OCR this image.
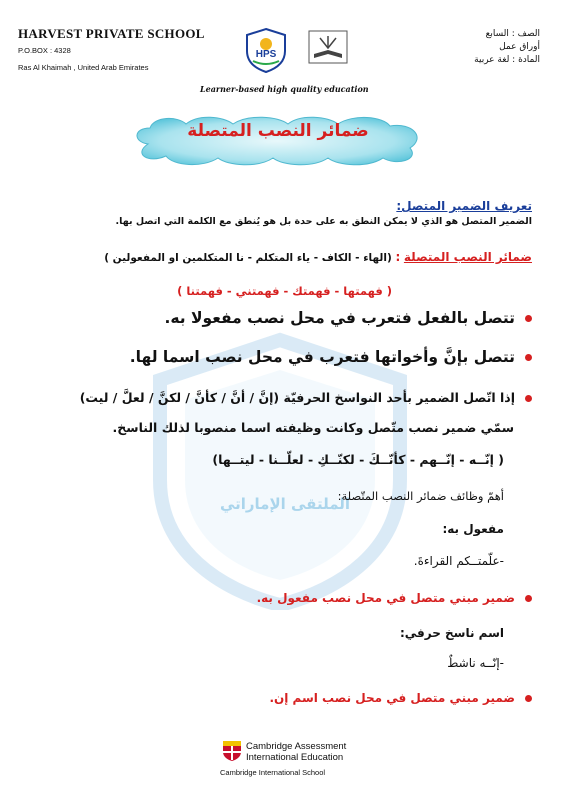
HARVEST PRIVATE SCHOOL
P.O.BOX : 4328
Ras Al Khaimah , United Arab Emirates
HPS
الصف : السابع
أوراق عمل
المادة : لغة عربية
Learner-based high quality education
ضمائر النصب المتصلة
الملتقى الإماراتي
تعريف الضمير المتصل:
الضمير المتصل هو الذي لا يمكن النطق به على حدة بل هو يُنطق مع الكلمة التي اتصل بها.
ضمائر النصب المتصلة : (الهاء - الكاف - ياء المتكلم - نا المتكلمين او المفعولين )
( فهمتها - فهمتك - فهمتني - فهمتنا )
تتصل بالفعل فتعرب في محل نصب مفعولا به.
تتصل بإنَّ وأخواتها فتعرب في محل نصب اسما لها.
إذا اتّصل الضمير بأحد النواسخ الحرفيّة (إنَّ / أنَّ / كأنَّ / لكنَّ / لعلَّ / ليت)
سمّي ضمير نصب متّصل وكانت وظيفته اسما منصوبا لذلك الناسخ.
( إنّــه - إنّــهم - كأنّــكَ - لكنّــكِ - لعلّــنا - ليتــها)
أهمّ وظائف ضمائر النصب المتّصلة:
مفعول به:
-علّمتــكم القراءةَ.
ضمير مبني متصل في محل نصب مفعول به.
اسم ناسخ حرفي:
-إنّــه ناشطٌ
ضمير مبني متصل في محل نصب اسم إن.
Cambridge Assessment
International Education
Cambridge International School
